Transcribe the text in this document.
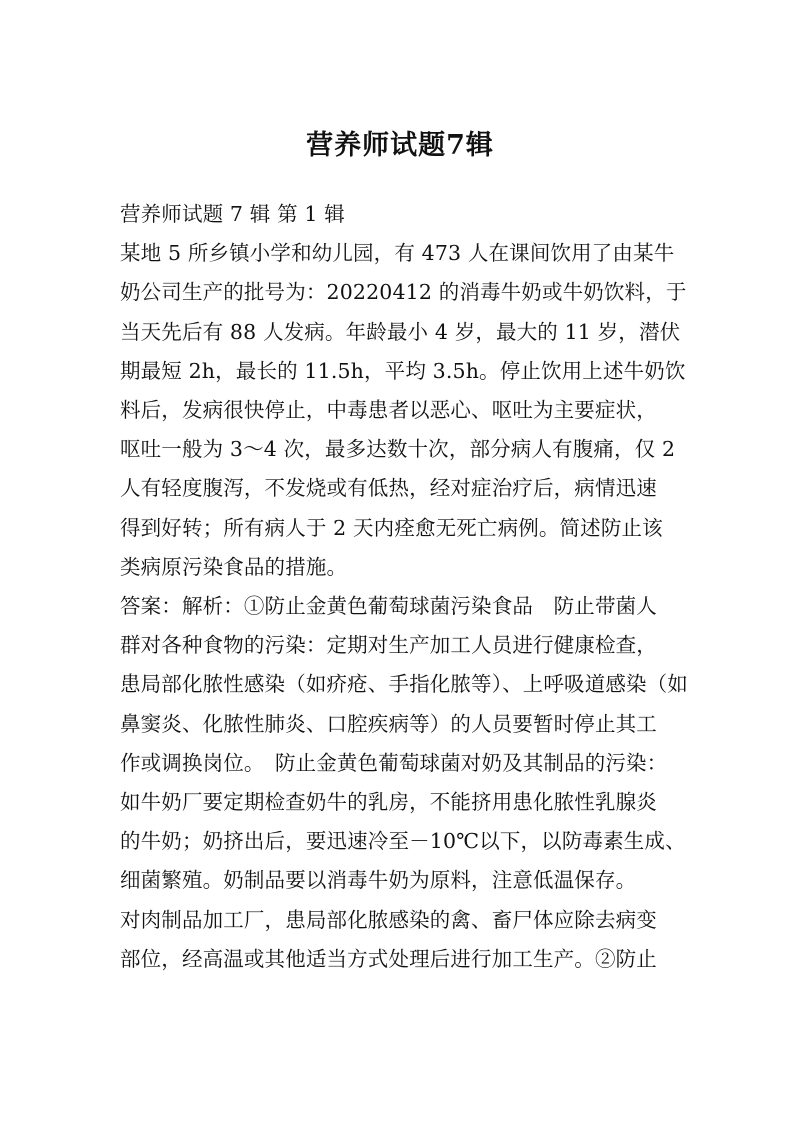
营养师试题7辑

营养师试题 7 辑 第 1 辑

某地 5 所乡镇小学和幼儿园，有 473 人在课间饮用了由某牛

奶公司生产的批号为：20220412 的消毒牛奶或牛奶饮料，于

当天先后有 88 人发病。年龄最小 4 岁，最大的 11 岁，潜伏

期最短 2h，最长的 11.5h，平均 3.5h。停止饮用上述牛奶饮

料后，发病很快停止，中毒患者以恶心、呕吐为主要症状，

呕吐一般为 3～4 次，最多达数十次，部分病人有腹痛，仅 2

人有轻度腹泻，不发烧或有低热，经对症治疗后，病情迅速

得到好转；所有病人于 2 天内痊愈无死亡病例。简述防止该

类病原污染食品的措施。

答案：解析：①防止金黄色葡萄球菌污染食品　防止带菌人

群对各种食物的污染：定期对生产加工人员进行健康检查，

患局部化脓性感染（如疥疮、手指化脓等）、上呼吸道感染（如

鼻窦炎、化脓性肺炎、口腔疾病等）的人员要暂时停止其工

作或调换岗位。　防止金黄色葡萄球菌对奶及其制品的污染：

如牛奶厂要定期检查奶牛的乳房，不能挤用患化脓性乳腺炎

的牛奶；奶挤出后，要迅速冷至－10℃以下，以防毒素生成、

细菌繁殖。奶制品要以消毒牛奶为原料，注意低温保存。

对肉制品加工厂，患局部化脓感染的禽、畜尸体应除去病变

部位，经高温或其他适当方式处理后进行加工生产。②防止
